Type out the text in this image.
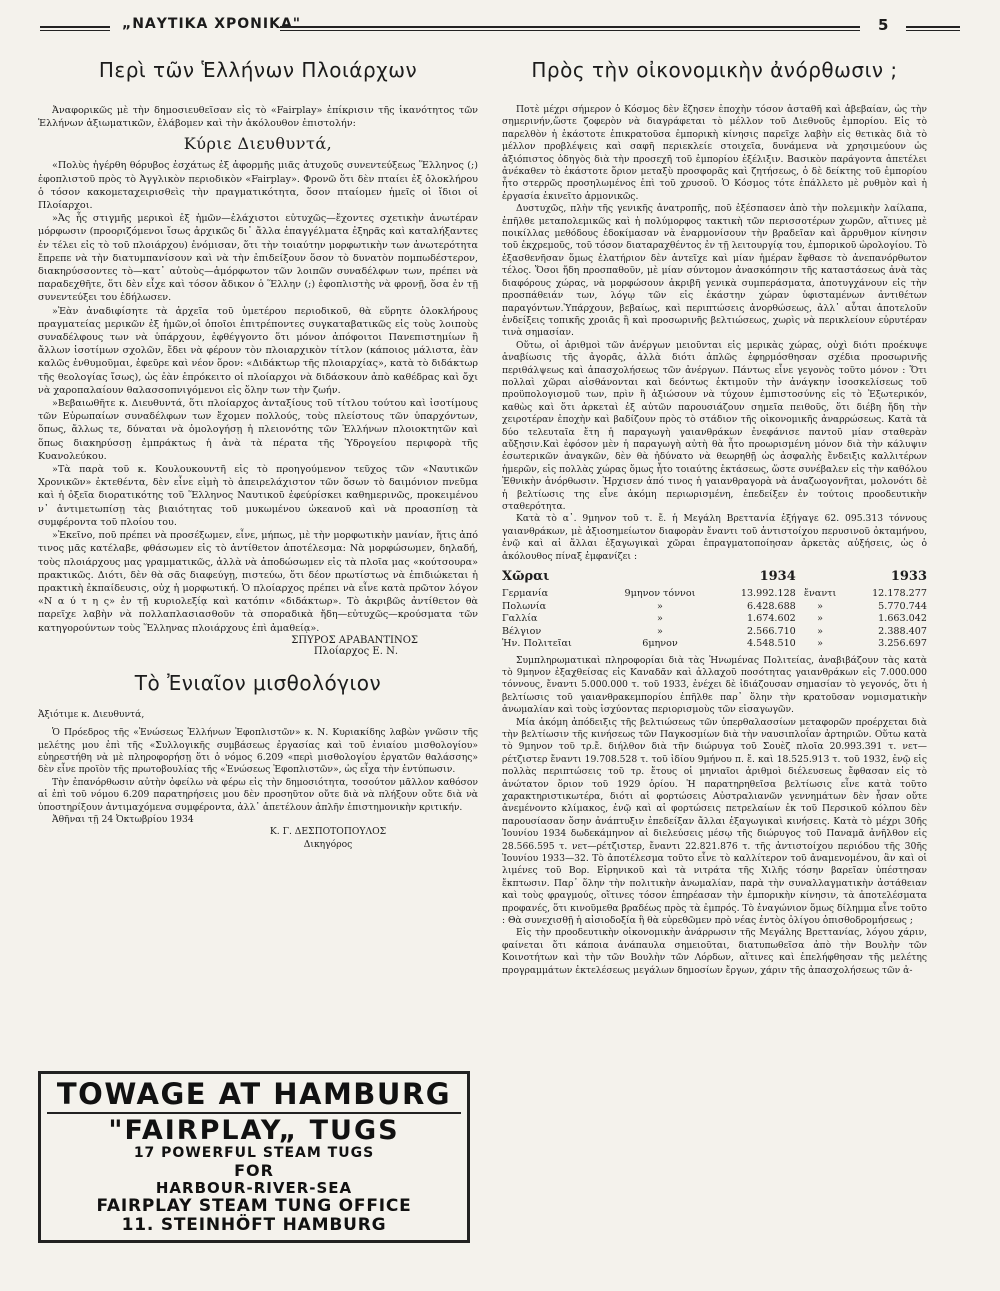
„ΝΑΥΤΙΚΑ ΧΡΟΝΙΚΑ"	5
Περὶ τῶν Ἑλλήνων Πλοιάρχων

Ἀναφορικῶς μὲ τὴν δημοσιευθεῖσαν εἰς τὸ «Fairplay» ἐπίκρισιν τῆς ἱκανότητος τῶν Ἑλλήνων ἀξιωματικῶν, ἐλάβομεν καὶ τὴν ἀκόλουθον ἐπιστολήν:

Κύριε Διευθυντά,

«Πολὺς ἠγέρθη θόρυβος ἐσχάτως ἐξ ἀφορμῆς μιᾶς ἀτυχοῦς συνεντεύξεως Ἕλληνος (;) ἐφοπλιστοῦ πρὸς τὸ Ἀγγλικὸν περιοδικὸν «Fairplay». Φρονῶ ὅτι δὲν πταίει ἐξ ὁλοκλήρου ὁ τόσον κακομεταχειρισθεὶς τὴν πραγματικότητα, ὅσον πταίομεν ἡμεῖς οἱ ἴδιοι οἱ Πλοίαρχοι.

»Ἀς ἧς στιγμῆς μερικοὶ ἐξ ἡμῶν—ἐλάχιστοι εὐτυχῶς—ἔχοντες σχετικὴν ἀνωτέραν μόρφωσιν (προοριζόμενοι ἴσως ἀρχικῶς δι᾽ ἄλλα ἐπαγγέλματα ἐξηρᾶς καὶ καταλήξαντες ἐν τέλει εἰς τὸ τοῦ πλοιάρχου) ἐνόμισαν, ὅτι τὴν τοιαύτην μορφωτικὴν των ἀνωτερότητα ἔπρεπε νὰ τὴν διατυμπανίσουν καὶ νὰ τὴν ἐπιδείξουν ὅσον τὸ δυνατὸν πομπωδέστερον, διακηρύσσοντες τὸ—κατ᾽ αὐτοὺς—ἀμόρφωτον τῶν λοιπῶν συναδέλφων των, πρέπει νὰ παραδεχθῆτε, ὅτι δὲν εἶχε καὶ τόσον ἄδικον ὁ Ἕλλην (;) ἐφοπλιστὴς νὰ φρονῇ, ὅσα ἐν τῇ συνεντεύξει του ἐδήλωσεν.

»Ἐὰν ἀναδιφίσητε τὰ ἀρχεῖα τοῦ ὑμετέρου περιοδικοῦ, θὰ εὕρητε ὁλοκλήρους πραγματείας μερικῶν ἐξ ἡμῶν,οἱ ὁποῖοι ἐπιτρέποντες συγκαταβατικῶς εἰς τοὺς λοιποὺς συναδέλφους των νὰ ὑπάρχουν, ἐφθέγγοντο ὅτι μόνον ἀπόφοιτοι Πανεπιστημίων ἢ ἄλλων ἰσοτίμων σχολῶν, ἔδει νὰ φέρουν τὸν πλοιαρχικὸν τίτλον (κάποιος μάλιστα, ἐὰν καλῶς ἐνθυμοῦμαι, ἐφεῦρε καὶ νέον ὅρον: «Διδάκτωρ τῆς πλοιαρχίας», κατὰ τὸ διδάκτωρ τῆς θεολογίας ἴσως), ὡς ἐὰν ἐπρόκειτο οἱ πλοίαρχοι νὰ διδάσκουν ἀπὸ καθέδρας καὶ ὄχι νὰ χαροπαλαίουν θαλασσοπνιγόμενοι εἰς ὅλην των τὴν ζωήν.

»Βεβαιωθῆτε κ. Διευθυντά, ὅτι πλοίαρχος ἀνταξίους τοῦ τίτλου τούτου καὶ ἰσοτίμους τῶν Εὐρωπαίων συναδέλφων των ἔχομεν πολλούς, τοὺς πλείστους τῶν ὑπαρχόντων, ὅπως, ἄλλως τε, δύναται νὰ ὁμολογήσῃ ἡ πλειονότης τῶν Ἑλλήνων πλοιοκτητῶν καὶ ὅπως διακηρύσσῃ ἐμπράκτως ἡ ἀνὰ τὰ πέρατα τῆς Ὑδρογείου περιφορὰ τῆς Κυανολεύκου.

»Τὰ παρὰ τοῦ κ. Κουλουκουντῆ εἰς τὸ προηγούμενον τεῦχος τῶν «Ναυτικῶν Χρονικῶν» ἐκτεθέντα, δὲν εἶνε εἰμὴ τὸ ἀπειρελάχιστον τῶν ὅσων τὸ δαιμόνιον πνεῦμα καὶ ἡ ὀξεῖα διορατικότης τοῦ Ἕλληνος Ναυτικοῦ ἐφεύρίσκει καθημερινῶς, προκειμένου ν᾽ ἀντιμετωπίσῃ τὰς βιαιότητας τοῦ μυκωμένου ὠκεανοῦ καὶ νὰ προασπίσῃ τὰ συμφέροντα τοῦ πλοίου του.

»Ἐκεῖνο, ποῦ πρέπει νὰ προσέξωμεν, εἶνε, μήπως, μὲ τὴν μορφωτικὴν μανίαν, ἥτις ἀπό τινος μᾶς κατέλαβε, φθάσωμεν εἰς τὸ ἀντίθετον ἀποτέλεσμα: Νὰ μορφώσωμεν, δηλαδή, τοὺς πλοιάρχους μας γραμματικῶς, ἀλλὰ νὰ ἀποδώσωμεν εἰς τὰ πλοῖα μας «κούτσουρα» πρακτικῶς. Διότι, δὲν θὰ σᾶς διαφεύγῃ, πιστεύω, ὅτι δέον πρωτίστως νὰ ἐπιδιώκεται ἡ πρακτικὴ ἐκπαίδευσις, οὐχ ἡ μορφωτική. Ὁ πλοίαρχος πρέπει νὰ εἶνε κατὰ πρῶτον λόγον «Ν α ύ τ η ς» ἐν τῇ κυριολεξίᾳ καὶ κατόπιν «διδάκτωρ». Τὸ ἀκριβῶς ἀντίθετον θὰ παρεῖχε λαβὴν νὰ πολλαπλασιασθοῦν τὰ σποραδικὰ ἤδη—εὐτυχῶς—κρούσματα τῶν κατηγορούντων τοὺς Ἕλληνας πλοιάρχους ἐπὶ ἀμαθείᾳ».

ΣΠΥΡΟΣ ΑΡΑΒΑΝΤΙΝΟΣ

Πλοίαρχος Ε. Ν.

Τὸ Ἐνιαῖον μισθολόγιον

Ἀξιότιμε κ. Διευθυντά,

Ὁ Πρόεδρος τῆς «Ἐνώσεως Ἑλλήνων Ἐφοπλιστῶν» κ. Ν. Κυριακίδης λαβὼν γνῶσιν τῆς μελέτης μου ἐπὶ τῆς «Συλλογικῆς συμβάσεως ἐργασίας καὶ τοῦ ἐνιαίου μισθολογίου» εὐηρεστήθη νὰ μὲ πληροφορήσῃ ὅτι ὁ νόμος 6.209 «περὶ μισθολογίου ἐργατῶν θαλάσσης» δὲν εἶνε προϊὸν τῆς πρωτοβουλίας τῆς «Ἐνώσεως Ἐφοπλιστῶν», ὡς εἶχα τὴν ἐντύπωσιν.

Τὴν ἐπανόρθωσιν αὐτὴν ὀφείλω νὰ φέρω εἰς τὴν δημοσιότητα, τοσούτον μᾶλλον καθόσον αἱ ἐπὶ τοῦ νόμου 6.209 παρατηρήσεις μου δὲν προσηῦτον οὔτε διὰ νὰ πλήξουν οὔτε διὰ νὰ ὑποστηρίξουν ἀντιμαχόμενα συμφέροντα, ἀλλ᾽ ἀπετέλουν ἁπλῆν ἐπιστημονικὴν κριτικήν.

Ἀθῆναι τῇ 24 Ὀκτωβρίου 1934

Κ. Γ. ΔΕΣΠΟΤΟΠΟΥΛΟΣ

Δικηγόρος

TOWAGE AT HAMBURG
"FAIRPLAY„ TUGS
17 POWERFUL STEAM TUGS
FOR
HARBOUR-RIVER-SEA
FAIRPLAY STEAM TUNG OFFICE
11. STEINHÖFT HAMBURG
Πρὸς τὴν οἰκονομικὴν ἀνόρθωσιν ;

Ποτὲ μέχρι σήμερον ὁ Κόσμος δὲν ἔζησεν ἐποχὴν τόσον ἀσταθῆ καὶ ἀβεβαίαν, ὡς τὴν σημερινήν,ὥστε ζοφερὸν νὰ διαγράφεται τὸ μέλλον τοῦ Διεθνοῦς ἐμπορίου. Εἰς τὸ παρελθὸν ἡ ἑκάστοτε ἐπικρατοῦσα ἐμπορικὴ κίνησις παρεῖχε λαβὴν εἰς θετικὰς διὰ τὸ μέλλον προβλέψεις καὶ σαφῆ περιεκλείε στοιχεῖα, δυνάμενα νὰ χρησιμεύουν ὡς ἀξιόπιστος ὁδηγὸς διὰ τὴν προσεχῆ τοῦ ἐμπορίου ἐξέλιξιν. Βασικὸν παράγοντα ἀπετέλει ἀνέκαθεν τὸ ἑκάστοτε ὅριον μεταξὺ προσφορᾶς καὶ ζητήσεως, ὁ δὲ δείκτης τοῦ ἐμπορίου ἦτο στερρῶς προσηλωμένος ἐπὶ τοῦ χρυσοῦ. Ὁ Κόσμος τότε ἐπάλλετο μὲ ρυθμὸν καὶ ἡ ἐργασία ἐκινεῖτο ἁρμονικῶς.

Δυστυχῶς, πλὴν τῆς γενικῆς ἀνατροπῆς, ποῦ ἐξέσπασεν ἀπὸ τὴν πολεμικὴν λαίλαπα, ἐπῆλθε μεταπολεμικῶς καὶ ἡ πολύμορφος τακτικὴ τῶν περισσοτέρων χωρῶν, αἵτινες μὲ ποικίλλας μεθόδους ἐδοκίμασαν νὰ ἐναρμονίσουν τὴν βραδεῖαν καὶ ἄρρυθμον κίνησιν τοῦ ἐκχρεμοῦς, τοῦ τόσον διαταραχθέντος ἐν τῇ λειτουργίᾳ του, ἐμπορικοῦ ὡρολογίου. Τὸ ἐξασθενῆσαν ὅμως ἐλατήριον δὲν ἀντεῖχε καὶ μίαν ἡμέραν ἔφθασε τὸ ἀνεπανόρθωτον τέλος. Ὅσοι ἤδη προσπαθοῦν, μὲ μίαν σύντομον ἀνασκόπησιν τῆς καταστάσεως ἀνὰ τὰς διαφόρους χώρας, νὰ μορφώσουν ἀκριβῆ γενικὰ συμπεράσματα, ἀποτυγχάνουν εἰς τὴν προσπάθειάν των, λόγῳ τῶν εἰς ἑκάστην χώραν ὑφισταμένων ἀντιθέτων παραγόντων.Ὑπάρχουν, βεβαίως, καὶ περιπτώσεις ἀνορθώσεως, ἀλλ᾽ αὗται ἀποτελοῦν ἐνδείξεις τοπικῆς χροιᾶς ἢ καὶ προσωρινῆς βελτιώσεως, χωρὶς νὰ περικλείουν εὐρυτέραν τινὰ σημασίαν.

Οὕτω, οἱ ἀριθμοὶ τῶν ἀνέργων μειοῦνται εἰς μερικὰς χώρας, οὐχὶ διότι προέκυψε ἀναβίωσις τῆς ἀγορᾶς, ἀλλὰ διότι ἁπλῶς ἐφηρμόσθησαν σχέδια προσωρινῆς περιθάλψεως καὶ ἀπασχολήσεως τῶν ἀνέργων. Πάντως εἶνε γεγονὸς τοῦτο μόνον : Ὅτι πολλαὶ χῶραι αἰσθάνονται καὶ δεόντως ἐκτιμοῦν τὴν ἀνάγκην ἰσοσκελίσεως τοῦ προϋπολογισμοῦ των, πρὶν ἢ ἀξιώσουν νὰ τύχουν ἐμπιστοσύνης εἰς τὸ Ἐξωτερικόν, καθὼς καὶ ὅτι ἀρκεταὶ ἐξ αὐτῶν παρουσιάζουν σημεῖα πειθοῦς, ὅτι διέβη ἤδη τὴν χειροτέραν ἐποχὴν καὶ βαδίζουν πρὸς τὸ στάδιον τῆς οἰκονομικῆς ἀναρρώσεως. Κατὰ τὰ δύο τελευταῖα ἔτη ἡ παραγωγὴ γαιανθράκων ἐνεφάνισε παντοῦ μίαν σταθερὰν αὔξησιν.Καὶ ἐφόσον μὲν ἡ παραγωγὴ αὐτὴ θὰ ἦτο προωρισμένη μόνον διὰ τὴν κάλυψιν ἐσωτερικῶν ἀναγκῶν, δὲν θὰ ἠδύνατο νὰ θεωρηθῇ ὡς ἀσφαλὴς ἔνδειξις καλλιτέρων ἡμερῶν, εἰς πολλὰς χώρας ὅμως ἦτο τοιαύτης ἐκτάσεως, ὥστε συνέβαλεν εἰς τὴν καθόλου Ἐθνικὴν ἀνόρθωσιν. Ἠρχισεν ἀπό τινος ἡ γαιανθραγορὰ νὰ ἀναζωογονῆται, μολονότι δὲ ἡ βελτίωσις της εἶνε ἀκόμη περιωρισμένη, ἐπεδείξεν ἐν τούτοις προοδευτικὴν σταθερότητα.

Κατὰ τὸ α᾽. 9μηνον τοῦ τ. ἔ. ἡ Μεγάλη Βρεττανία ἐξήγαγε 62. 095.313 τόννους γαιανθράκων, μὲ ἀξιοσημείωτον διαφορὰν ἔναντι τοῦ ἀντιστοίχου περυσινοῦ ὀκταμήνου, ἐνῷ καὶ αἱ ἄλλαι ἐξαγωγικαὶ χῶραι ἐπραγματοποίησαν ἀρκετὰς αὐξήσεις, ὡς ὁ ἀκόλουθος πίναξ ἐμφανίζει :

Χῶραι		1934		1933
Γερμανία	9μηνον τόννοι	13.992.128	ἔναντι	12.178.277
Πολωνία	»	6.428.688	»	5.770.744
Γαλλία	»	1.674.602	»	1.663.042
Βέλγιον	»	2.566.710	»	2.388.407
Ἡν. Πολιτεῖαι	6μηνον	4.548.510	»	3.256.697

Συμπληρωματικαὶ πληροφορίαι διὰ τὰς Ἡνωμένας Πολιτείας, ἀναβιβάζουν τὰς κατὰ τὸ 9μηνον ἐξαχθείσας εἰς Καναδᾶν καὶ ἀλλαχοῦ ποσότητας γαιανθράκων εἰς 7.000.000 τόννους, ἔναντι 5.000.000 τ. τοῦ 1933, ἐνέχει δὲ ἰδιάζουσαν σημασίαν τὸ γεγονός, ὅτι ἡ βελτίωσις τοῦ γαιανθρακεμπορίου ἐπῆλθε παρ᾽ ὅλην τὴν κρατοῦσαν νομισματικὴν ἀνωμαλίαν καὶ τοὺς ἰσχύοντας περιορισμοὺς τῶν εἰσαγωγῶν.

Μία ἀκόμη ἀπόδειξις τῆς βελτιώσεως τῶν ὑπερθαλασσίων μεταφορῶν προέρχεται διὰ τὴν βελτίωσιν τῆς κινήσεως τῶν Παγκοσμίων διὰ τὴν ναυσιπλοΐαν ἀρτηριῶν. Οὕτω κατὰ τὸ 9μηνον τοῦ τρ.ἔ. διήλθον διὰ τῆν διώρυγα τοῦ Σουὲζ πλοῖα 20.993.391 τ. νετ—ρέτζιστερ ἔναντι 19.708.528 τ. τοῦ ἰδίου 9μήνου π. ἔ. καὶ 18.525.913 τ. τοῦ 1932, ἐνῷ εἰς πολλὰς περιπτώσεις τοῦ τρ. ἔτους οἱ μηνιαῖοι ἀριθμοὶ διέλευσεως ἔφθασαν εἰς τὸ ἀνώτατον ὅριον τοῦ 1929 ὁρίου. Ἡ παρατηρηθεῖσα βελτίωσις εἶνε κατὰ τοῦτο χαρακτηριστικωτέρα, διότι αἱ φορτώσεις Αὐστραλιανῶν γεννημάτων δὲν ἦσαν οὔτε ἀνεμένοντο κλίμακος, ἐνῷ καὶ αἱ φορτώσεις πετρελαίων ἐκ τοῦ Περσικοῦ κόλπου δὲν παρουσίασαν ὅσην ἀνάπτυξιν ἐπεδείξαν ἄλλαι ἐξαγωγικαὶ κινήσεις. Κατὰ τὸ μέχρι 30ῆς Ἰουνίου 1934 δωδεκάμηνον αἱ διελεύσεις μέσῳ τῆς διώρυγος τοῦ Παναμᾶ ἀνῆλθον εἰς 28.566.595 τ. νετ—ρέτζιστερ, ἔναντι 22.821.876 τ. τῆς ἀντιστοίχου περιόδου τῆς 30ῆς Ἰουνίου 1933—32. Τὸ ἀποτέλεσμα τοῦτο εἶνε τὸ καλλίτερον τοῦ ἀναμενομένου, ἂν καὶ οἱ λιμένες τοῦ Βορ. Εἰρηνικοῦ καὶ τὰ νιτράτα τῆς Χιλῆς τόσην βαρεῖαν ὑπέστησαν ἔκπτωσιν. Παρ᾽ ὅλην τὴν πολιτικὴν ἀνωμαλίαν, παρὰ τὴν συναλλαγματικὴν ἀστάθειαν καὶ τοὺς φραγμούς, οἵτινες τόσον ἐπηρέασαν τὴν ἐμπορικὴν κίνησιν, τὰ ἀποτελέσματα προφανές, ὅτι κινοῦμεθα βραδέως πρὸς τὰ ἐμπρός. Τὸ ἐναγώνιον ὅμως δίλημμα εἶνε τοῦτο : Θὰ συνεχισθῇ ἡ αἰσιοδοξία ἢ θὰ εὑρεθῶμεν πρὸ νέας ἐντὸς ὀλίγου ὀπισθοδρομήσεως ;

Εἰς τὴν προοδευτικὴν οἰκονομικὴν ἀνάρρωσιν τῆς Μεγάλης Βρεττανίας, λόγου χάριν, φαίνεται ὅτι κάποια ἀνάπαυλα σημειοῦται, διατυπωθεῖσα ἀπὸ τὴν Βουλὴν τῶν Κοινοτήτων καὶ τὴν τῶν Βουλὴν τῶν Λόρδων, αἵτινες καὶ ἐπελήφθησαν τῆς μελέτης προγραμμάτων ἐκτελέσεως μεγάλων δημοσίων ἔργων, χάριν τῆς ἀπασχολήσεως τῶν ἀ-
